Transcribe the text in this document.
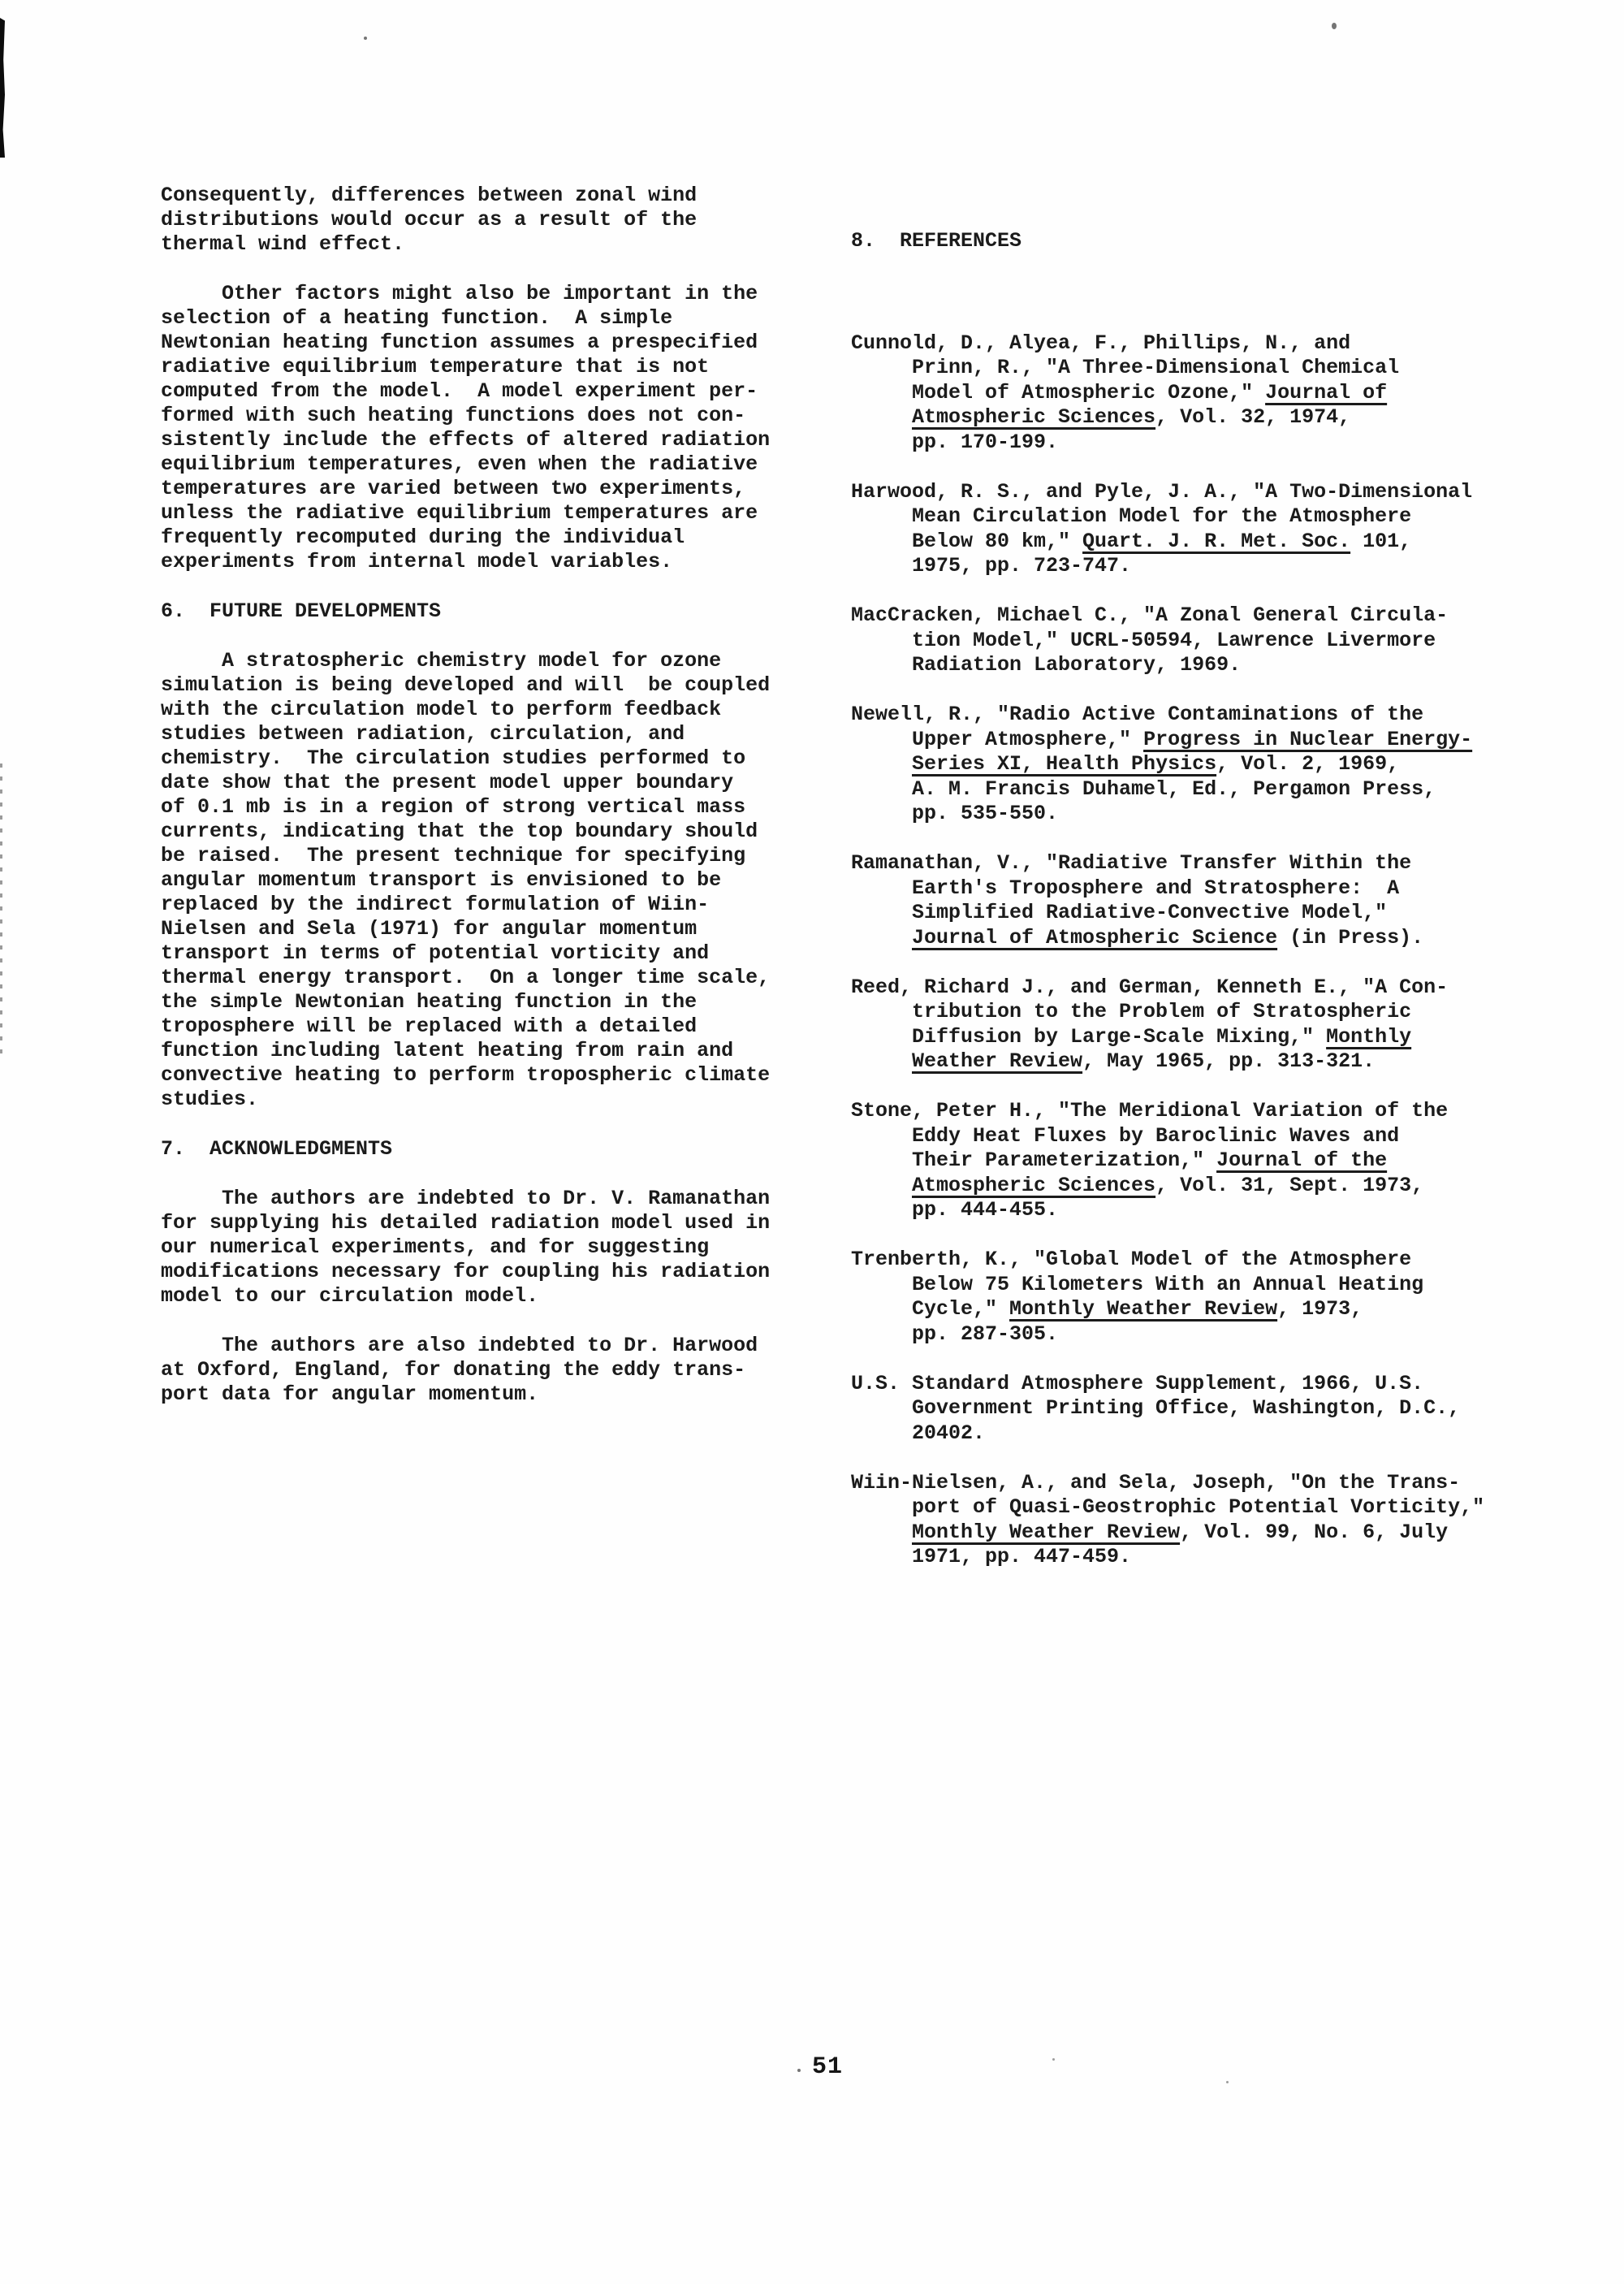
Consequently, differences between zonal wind
distributions would occur as a result of the
thermal wind effect.
Other factors might also be important in the
selection of a heating function.  A simple
Newtonian heating function assumes a prespecified
radiative equilibrium temperature that is not
computed from the model.  A model experiment per-
formed with such heating functions does not con-
sistently include the effects of altered radiation
equilibrium temperatures, even when the radiative
temperatures are varied between two experiments,
unless the radiative equilibrium temperatures are
frequently recomputed during the individual
experiments from internal model variables.
6.  FUTURE DEVELOPMENTS
A stratospheric chemistry model for ozone
simulation is being developed and will  be coupled
with the circulation model to perform feedback
studies between radiation, circulation, and
chemistry.  The circulation studies performed to
date show that the present model upper boundary
of 0.1 mb is in a region of strong vertical mass
currents, indicating that the top boundary should
be raised.  The present technique for specifying
angular momentum transport is envisioned to be
replaced by the indirect formulation of Wiin-
Nielsen and Sela (1971) for angular momentum
transport in terms of potential vorticity and
thermal energy transport.  On a longer time scale,
the simple Newtonian heating function in the
troposphere will be replaced with a detailed
function including latent heating from rain and
convective heating to perform tropospheric climate
studies.
7.  ACKNOWLEDGMENTS
The authors are indebted to Dr. V. Ramanathan
for supplying his detailed radiation model used in
our numerical experiments, and for suggesting
modifications necessary for coupling his radiation
model to our circulation model.
The authors are also indebted to Dr. Harwood
at Oxford, England, for donating the eddy trans-
port data for angular momentum.

8.  REFERENCES

Cunnold, D., Alyea, F., Phillips, N., and
Prinn, R., "A Three-Dimensional Chemical
Model of Atmospheric Ozone," Journal of
Atmospheric Sciences, Vol. 32, 1974,
pp. 170-199.
Harwood, R. S., and Pyle, J. A., "A Two-Dimensional
Mean Circulation Model for the Atmosphere
Below 80 km," Quart. J. R. Met. Soc. 101,
1975, pp. 723-747.
MacCracken, Michael C., "A Zonal General Circula-
tion Model," UCRL-50594, Lawrence Livermore
Radiation Laboratory, 1969.
Newell, R., "Radio Active Contaminations of the
Upper Atmosphere," Progress in Nuclear Energy-
Series XI, Health Physics, Vol. 2, 1969,
A. M. Francis Duhamel, Ed., Pergamon Press,
pp. 535-550.
Ramanathan, V., "Radiative Transfer Within the
Earth's Troposphere and Stratosphere:  A
Simplified Radiative-Convective Model,"
Journal of Atmospheric Science (in Press).
Reed, Richard J., and German, Kenneth E., "A Con-
tribution to the Problem of Stratospheric
Diffusion by Large-Scale Mixing," Monthly
Weather Review, May 1965, pp. 313-321.
Stone, Peter H., "The Meridional Variation of the
Eddy Heat Fluxes by Baroclinic Waves and
Their Parameterization," Journal of the
Atmospheric Sciences, Vol. 31, Sept. 1973,
pp. 444-455.
Trenberth, K., "Global Model of the Atmosphere
Below 75 Kilometers With an Annual Heating
Cycle," Monthly Weather Review, 1973,
pp. 287-305.
U.S. Standard Atmosphere Supplement, 1966, U.S.
Government Printing Office, Washington, D.C.,
20402.
Wiin-Nielsen, A., and Sela, Joseph, "On the Trans-
port of Quasi-Geostrophic Potential Vorticity,"
Monthly Weather Review, Vol. 99, No. 6, July
1971, pp. 447-459.

51
